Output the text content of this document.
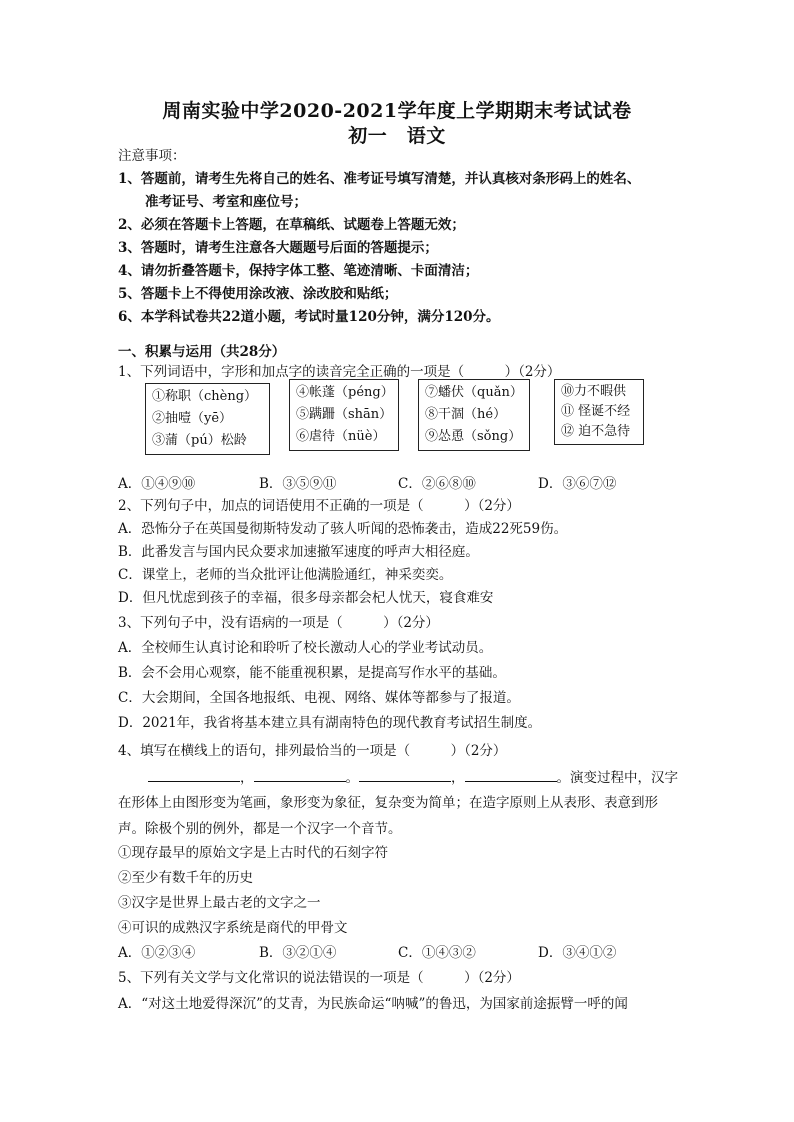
周南实验中学2020-2021学年度上学期期末考试试卷
初一　语文
注意事项：
1、答题前，请考生先将自己的姓名、准考证号填写清楚，并认真核对条形码上的姓名、
准考证号、考室和座位号；
2、必须在答题卡上答题，在草稿纸、试题卷上答题无效；
3、答题时，请考生注意各大题题号后面的答题提示；
4、请勿折叠答题卡，保持字体工整、笔迹清晰、卡面清洁；
5、答题卡上不得使用涂改液、涂改胶和贴纸；
6、本学科试卷共22道小题，考试时量120分钟，满分120分。
一、积累与运用（共28分）
1、下列词语中，字形和加点字的读音完全正确的一项是（　　　）（2分）
①称职（chèng）
②抽噎（yē）
③蒲（pú）松龄
④帐蓬（péng）
⑤蹒跚（shān）
⑥虐待（nüè）
⑦蟠伏（quǎn）
⑧干涸（hé）
⑨怂恿（sǒng）
⑩力不暇供
⑪ 怪诞不经
⑫ 迫不急待
A．①④⑨⑩	B．③⑤⑨⑪	C．②⑥⑧⑩	D．③⑥⑦⑫
2、下列句子中，加点的词语使用不正确的一项是（　　　）（2分）
A．恐怖分子在英国曼彻斯特发动了骇人听闻的恐怖袭击，造成22死59伤。
B．此番发言与国内民众要求加速撤军速度的呼声大相径庭。
C．课堂上，老师的当众批评让他满脸通红，神采奕奕。
D．但凡忧虑到孩子的幸福，很多母亲都会杞人忧天，寝食难安
3、下列句子中，没有语病的一项是（　　　）（2分）
A．全校师生认真讨论和聆听了校长激动人心的学业考试动员。
B．会不会用心观察，能不能重视积累，是提高写作水平的基础。
C．大会期间，全国各地报纸、电视、网络、媒体等都参与了报道。
D．2021年，我省将基本建立具有湖南特色的现代教育考试招生制度。
4、填写在横线上的语句，排列最恰当的一项是（　　　）（2分）
，	。	，	。演变过程中，汉字
在形体上由图形变为笔画，象形变为象征，复杂变为简单；在造字原则上从表形、表意到形
声。除极个别的例外，都是一个汉字一个音节。
①现存最早的原始文字是上古时代的石刻字符
②至少有数千年的历史
③汉字是世界上最古老的文字之一
④可识的成熟汉字系统是商代的甲骨文
A．①②③④	B．③②①④	C．①④③②	D．③④①②
5、下列有关文学与文化常识的说法错误的一项是（　　　）（2分）
A．“对这土地爱得深沉”的艾青，为民族命运“呐喊”的鲁迅，为国家前途振臂一呼的闻
